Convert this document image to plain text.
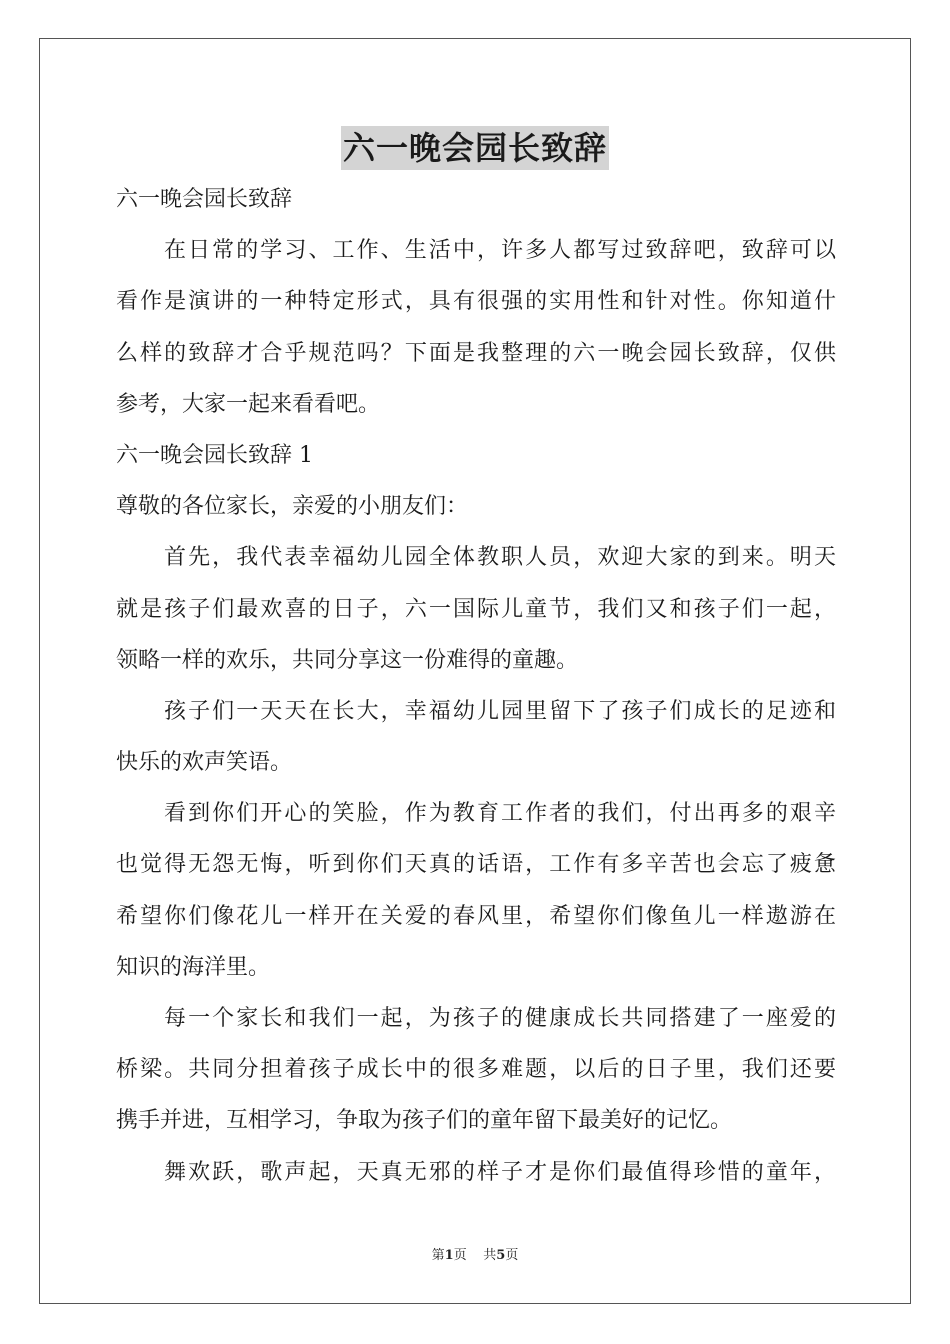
六一晚会园长致辞

六一晚会园长致辞

在日常的学习、工作、生活中，许多人都写过致辞吧，致辞可以

看作是演讲的一种特定形式，具有很强的实用性和针对性。你知道什

么样的致辞才合乎规范吗？下面是我整理的六一晚会园长致辞，仅供

参考，大家一起来看看吧。

六一晚会园长致辞 1

尊敬的各位家长，亲爱的小朋友们：

首先，我代表幸福幼儿园全体教职人员，欢迎大家的到来。明天

就是孩子们最欢喜的日子，六一国际儿童节，我们又和孩子们一起，

领略一样的欢乐，共同分享这一份难得的童趣。

孩子们一天天在长大，幸福幼儿园里留下了孩子们成长的足迹和

快乐的欢声笑语。

看到你们开心的笑脸，作为教育工作者的我们，付出再多的艰辛

也觉得无怨无悔，听到你们天真的话语，工作有多辛苦也会忘了疲惫

希望你们像花儿一样开在关爱的春风里，希望你们像鱼儿一样遨游在

知识的海洋里。

每一个家长和我们一起，为孩子的健康成长共同搭建了一座爱的

桥梁。共同分担着孩子成长中的很多难题，以后的日子里，我们还要

携手并进，互相学习，争取为孩子们的童年留下最美好的记忆。

舞欢跃，歌声起，天真无邪的样子才是你们最值得珍惜的童年，

第1页 共5页
